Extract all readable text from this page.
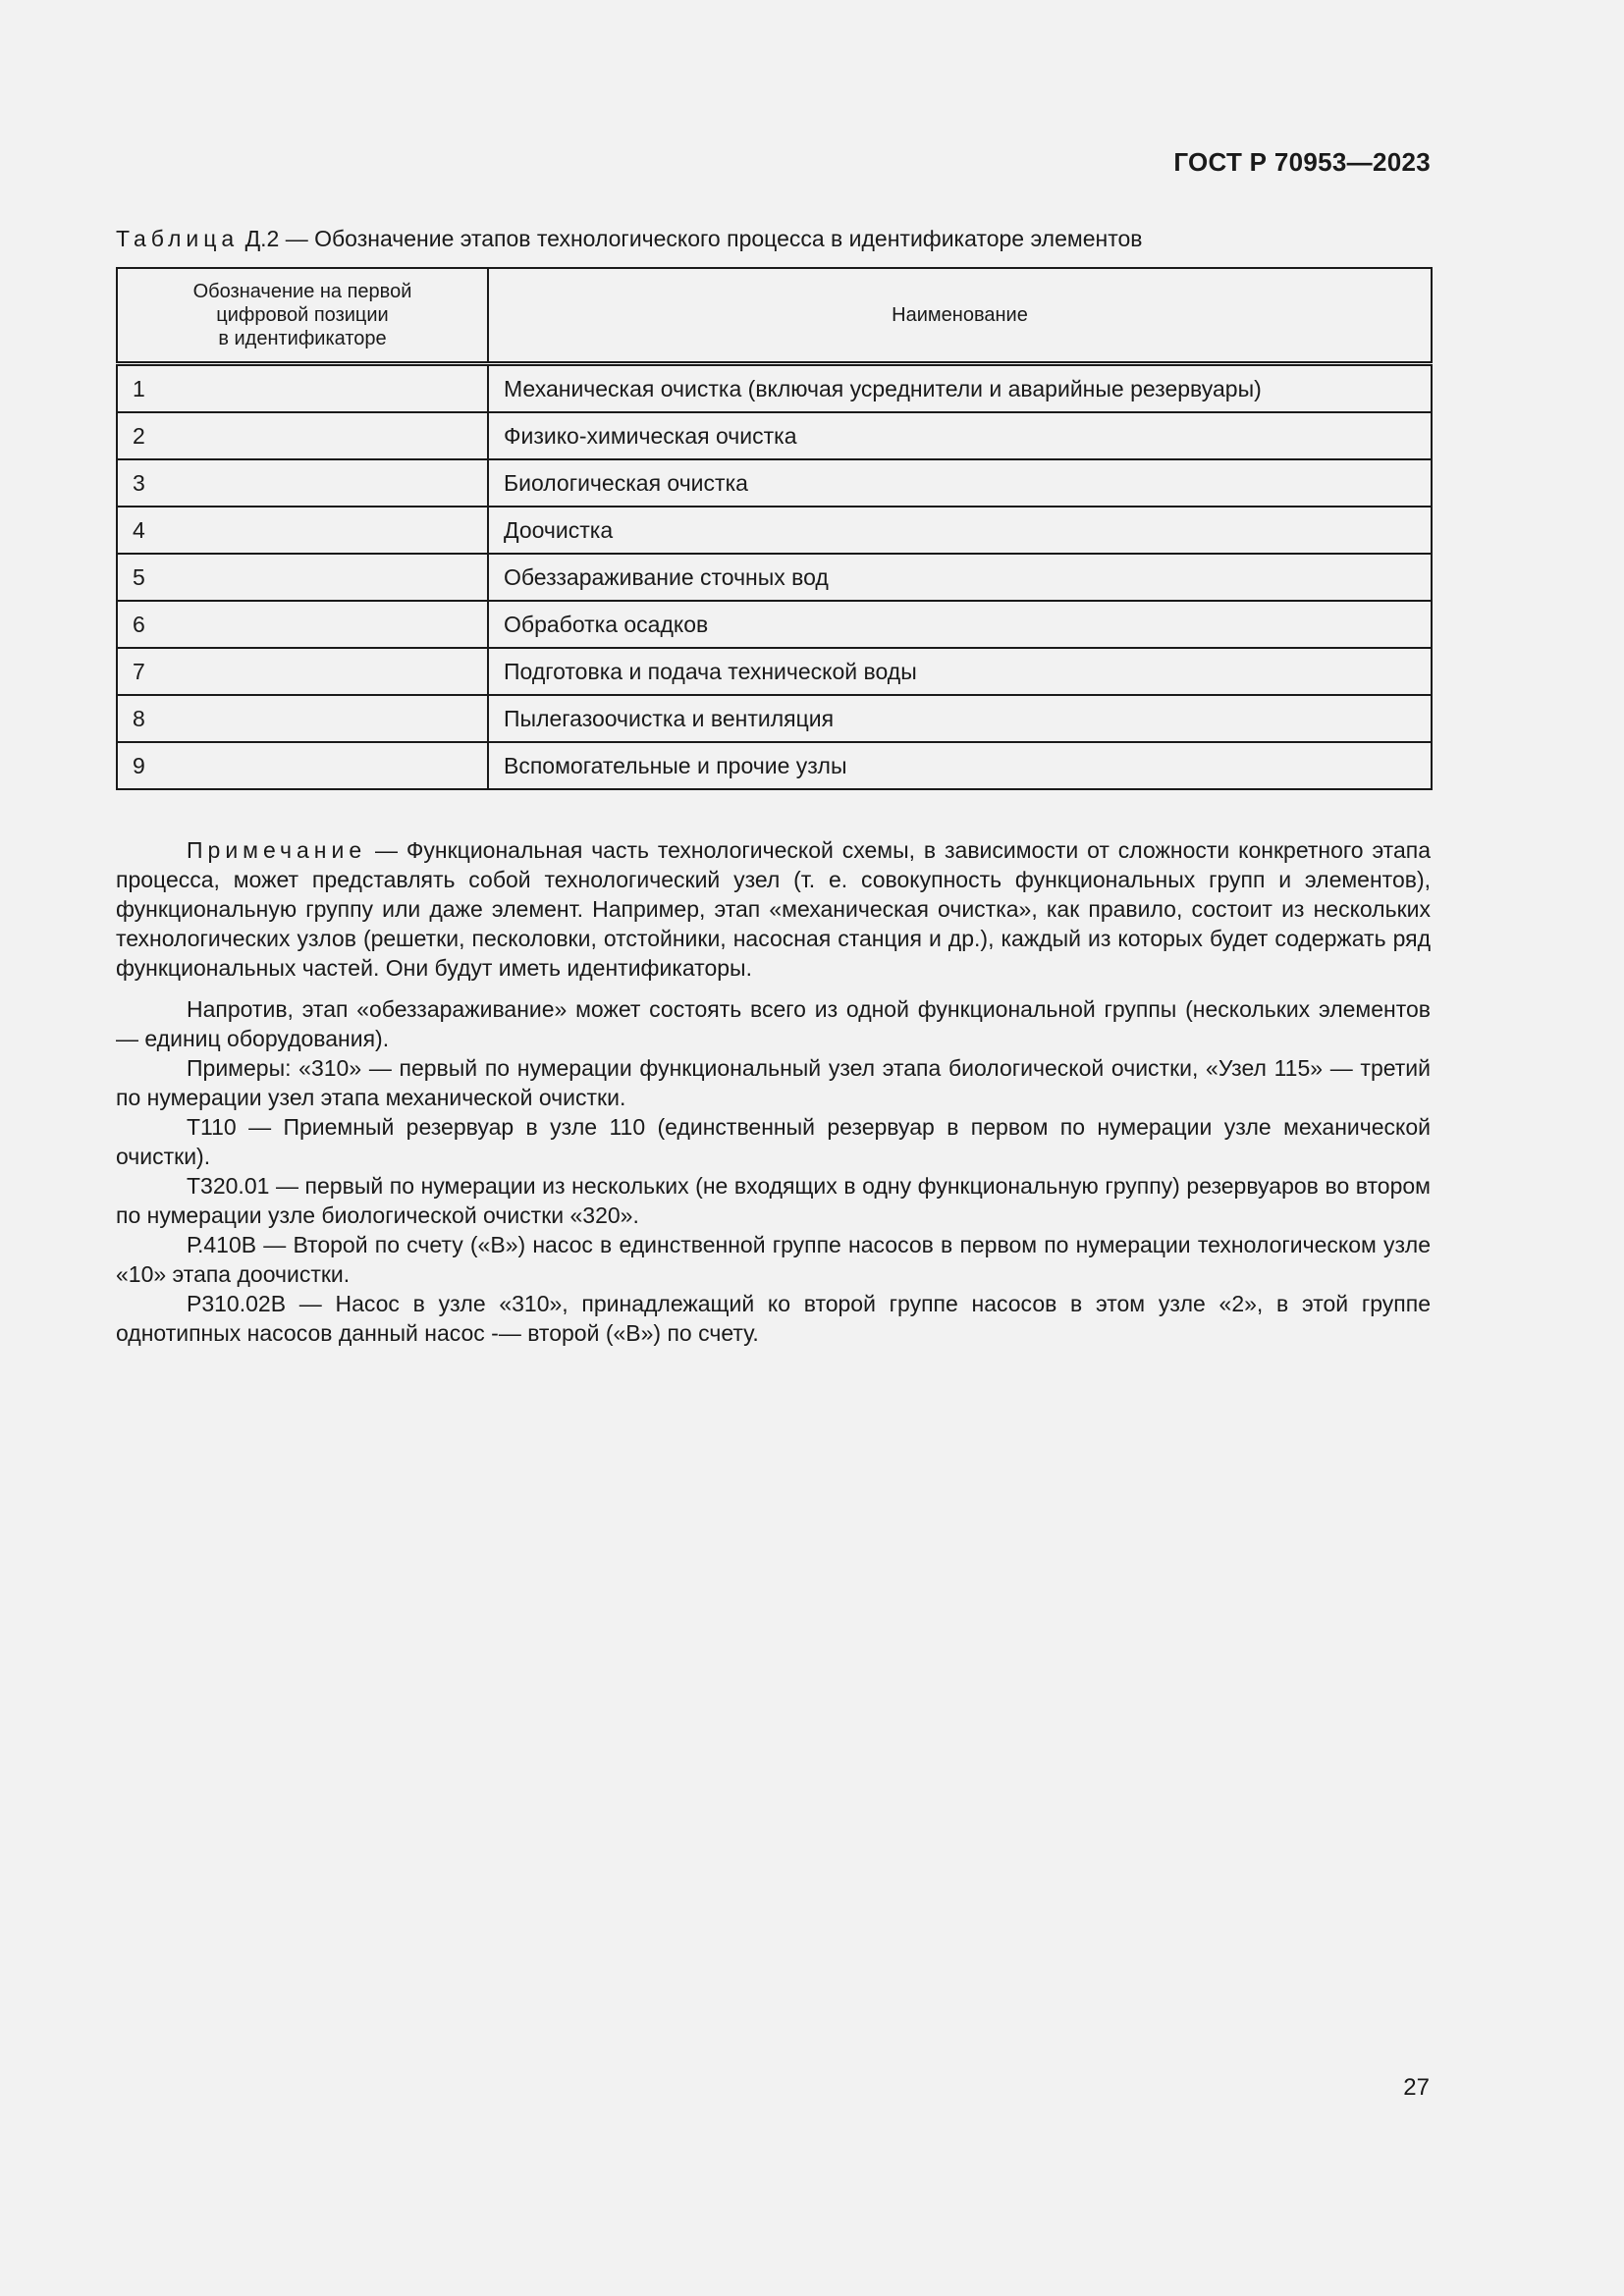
ГОСТ Р 70953—2023
Таблица Д.2 — Обозначение этапов технологического процесса в идентификаторе элементов
Обозначение на первой
цифровой позиции
в идентификаторе	Наименование
1	Механическая очистка (включая усреднители и аварийные резервуары)
2	Физико-химическая очистка
3	Биологическая очистка
4	Доочистка
5	Обеззараживание сточных вод
6	Обработка осадков
7	Подготовка и подача технической воды
8	Пылегазоочистка и вентиляция
9	Вспомогательные и прочие узлы

Примечание — Функциональная часть технологической схемы, в зависимости от сложности конкретного этапа процесса, может представлять собой технологический узел (т. е. совокупность функциональных групп и элементов), функциональную группу или даже элемент. Например, этап «механическая очистка», как правило, состоит из нескольких технологических узлов (решетки, песколовки, отстойники, насосная станция и др.), каждый из которых будет содержать ряд функциональных частей. Они будут иметь идентификаторы.

Напротив, этап «обеззараживание» может состоять всего из одной функциональной группы (нескольких элементов — единиц оборудования).

Примеры: «310» — первый по нумерации функциональный узел этапа биологической очистки, «Узел 115» — третий по нумерации узел этапа механической очистки.

Т110 — Приемный резервуар в узле 110 (единственный резервуар в первом по нумерации узле механической очистки).

Т320.01 — первый по нумерации из нескольких (не входящих в одну функциональную группу) резервуаров во втором по нумерации узле биологической очистки «320».

Р.410В — Второй по счету («В») насос в единственной группе насосов в первом по нумерации технологическом узле «10» этапа доочистки.

Р310.02В — Насос в узле «310», принадлежащий ко второй группе насосов в этом узле «2», в этой группе однотипных насосов данный насос -— второй («В») по счету.

27
